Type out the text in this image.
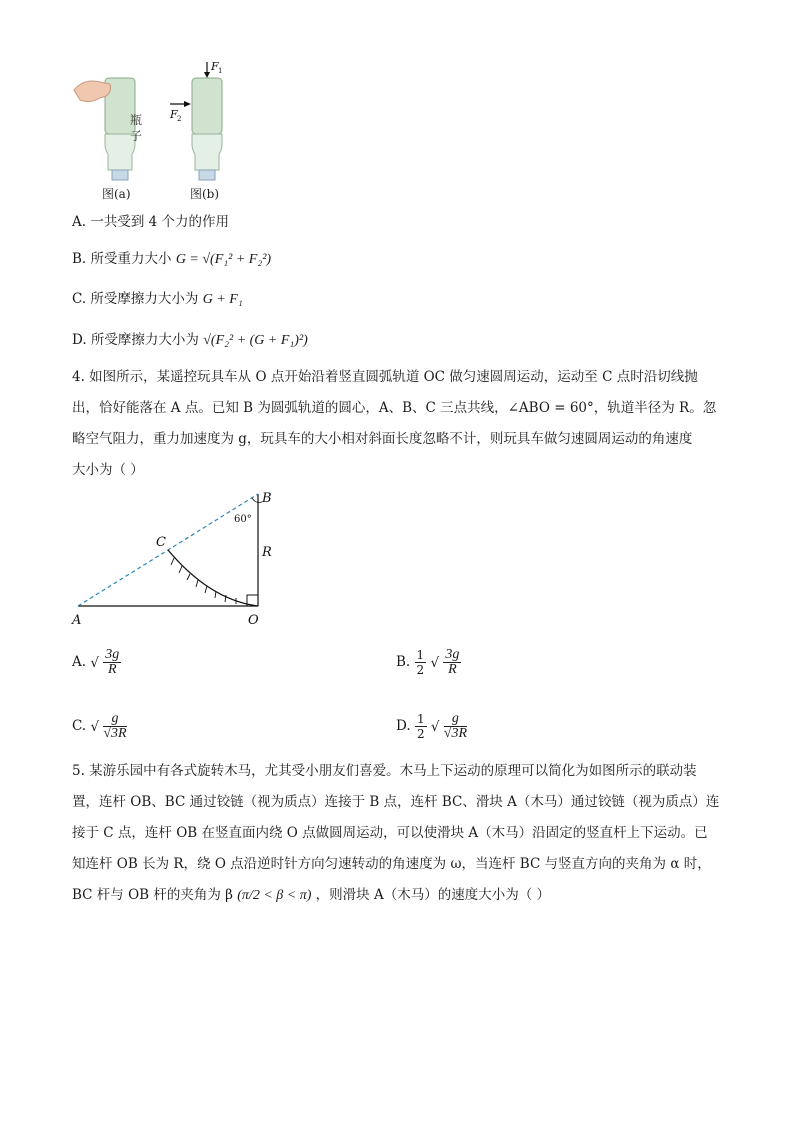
瓶
子
图(a)
F 1
F 2
图(b)
A. 一共受到 4 个力的作用
B. 所受重力大小 G = √(F₁² + F₂²)
C. 所受摩擦力大小为 G + F₁
D. 所受摩擦力大小为 √(F₂² + (G + F₁)²)

4. 如图所示，某遥控玩具车从 O 点开始沿着竖直圆弧轨道 OC 做匀速圆周运动，运动至 C 点时沿切线抛

出，恰好能落在 A 点。已知 B 为圆弧轨道的圆心，A、B、C 三点共线，∠ABO = 60°，轨道半径为 R。忽

略空气阻力，重力加速度为 g，玩具车的大小相对斜面长度忽略不计，则玩具车做匀速圆周运动的角速度

大小为（ ）

A
B
C
O
R
60°
A. √ $\frac{3g}{R}$	B. $\frac{1}{2}$ √ $\frac{3g}{R}$
C. √ $\frac{g}{√3R}$	D. $\frac{1}{2}$ √ $\frac{g}{√3R}$

5. 某游乐园中有各式旋转木马，尤其受小朋友们喜爱。木马上下运动的原理可以简化为如图所示的联动装

置，连杆 OB、BC 通过铰链（视为质点）连接于 B 点，连杆 BC、滑块 A（木马）通过铰链（视为质点）连

接于 C 点，连杆 OB 在竖直面内绕 O 点做圆周运动，可以使滑块 A（木马）沿固定的竖直杆上下运动。已

知连杆 OB 长为 R，绕 O 点沿逆时针方向匀速转动的角速度为 ω，当连杆 BC 与竖直方向的夹角为 α 时，

BC 杆与 OB 杆的夹角为 β (π/2 < β < π) ，则滑块 A（木马）的速度大小为（ ）
